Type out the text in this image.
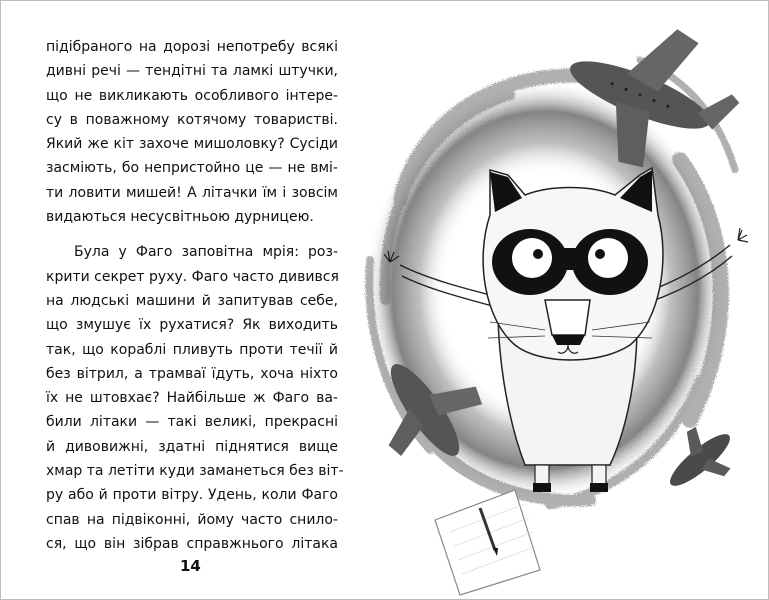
підібраного на дорозі непотребу всякі
дивні речі — тендітні та ламкі штучки,
що не викликають особливого інтере-
су в поважному котячому товаристві.
Який же кіт захоче мишоловку? Сусіди
засміють, бо непристойно це — не вмі-
ти ловити мишей! А літачки їм і зовсім
видаються несусвітньою дурницею.

Була у Фаго заповітна мрія: роз-
крити секрет руху. Фаго часто дивився
на людські машини й запитував себе,
що змушує їх рухатися? Як виходить
так, що кораблі пливуть проти течії й
без вітрил, а трамваї їдуть, хоча ніхто
їх не штовхає? Найбільше ж Фаго ва-
били літаки — такі великі, прекрасні
й дивовижні, здатні піднятися вище
хмар та летіти куди заманеться без віт-
ру або й проти вітру. Удень, коли Фаго
спав на підвіконні, йому часто снило-
ся, що він зібрав справжнього літака

14
